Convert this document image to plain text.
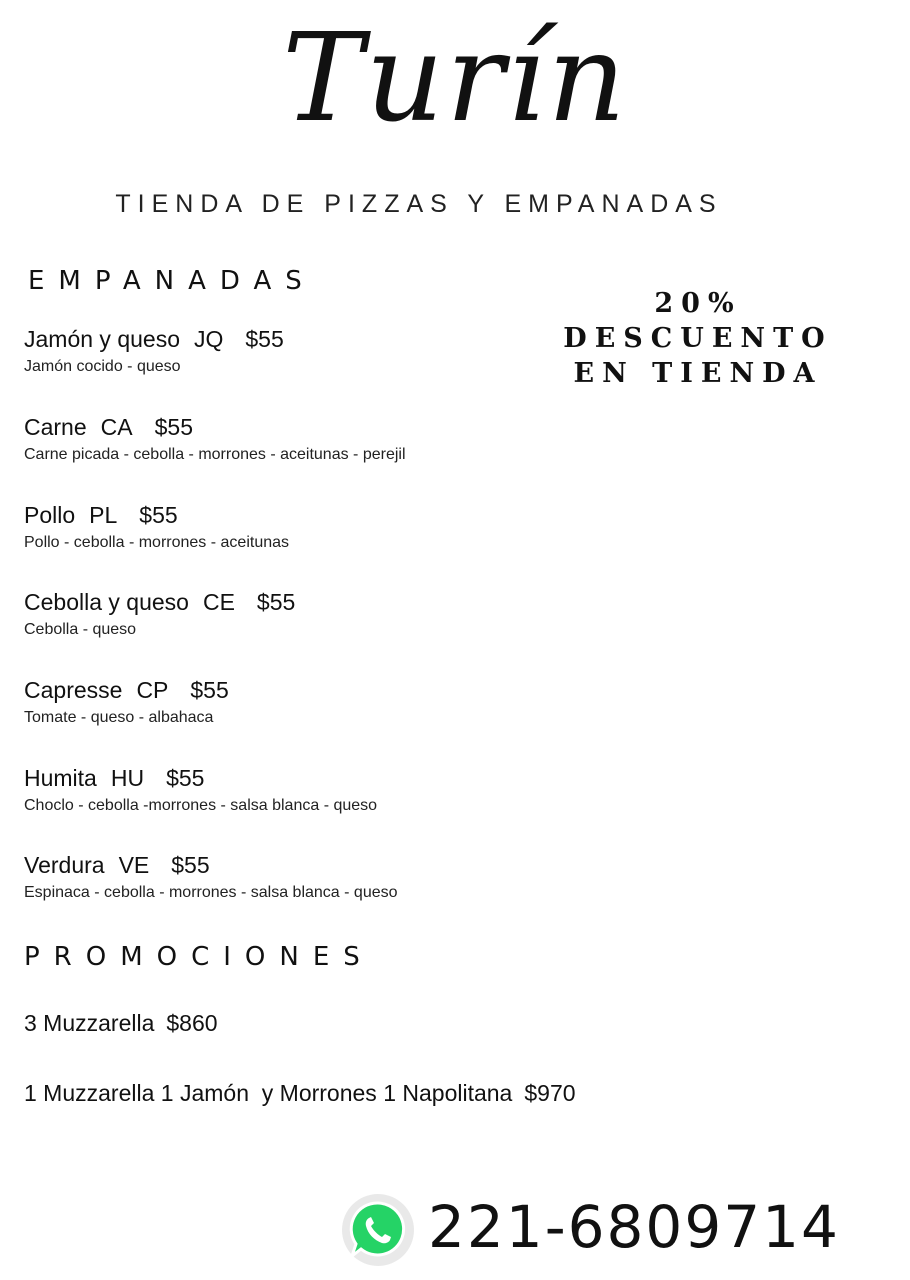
Turín
TIENDA DE PIZZAS Y EMPANADAS
EMPANADAS
20%
DESCUENTO
EN TIENDA
Jamón y queso JQ $55
Jamón cocido - queso
Carne CA $55
Carne picada - cebolla - morrones - aceitunas - perejil
Pollo PL $55
Pollo - cebolla - morrones - aceitunas
Cebolla y queso CE $55
Cebolla - queso
Capresse CP $55
Tomate - queso - albahaca
Humita HU $55
Choclo - cebolla -morrones - salsa blanca - queso
Verdura VE $55
Espinaca - cebolla - morrones - salsa blanca - queso
PROMOCIONES
3 Muzzarella $860
1 Muzzarella 1 Jamón  y Morrones 1 Napolitana $970
221-6809714
